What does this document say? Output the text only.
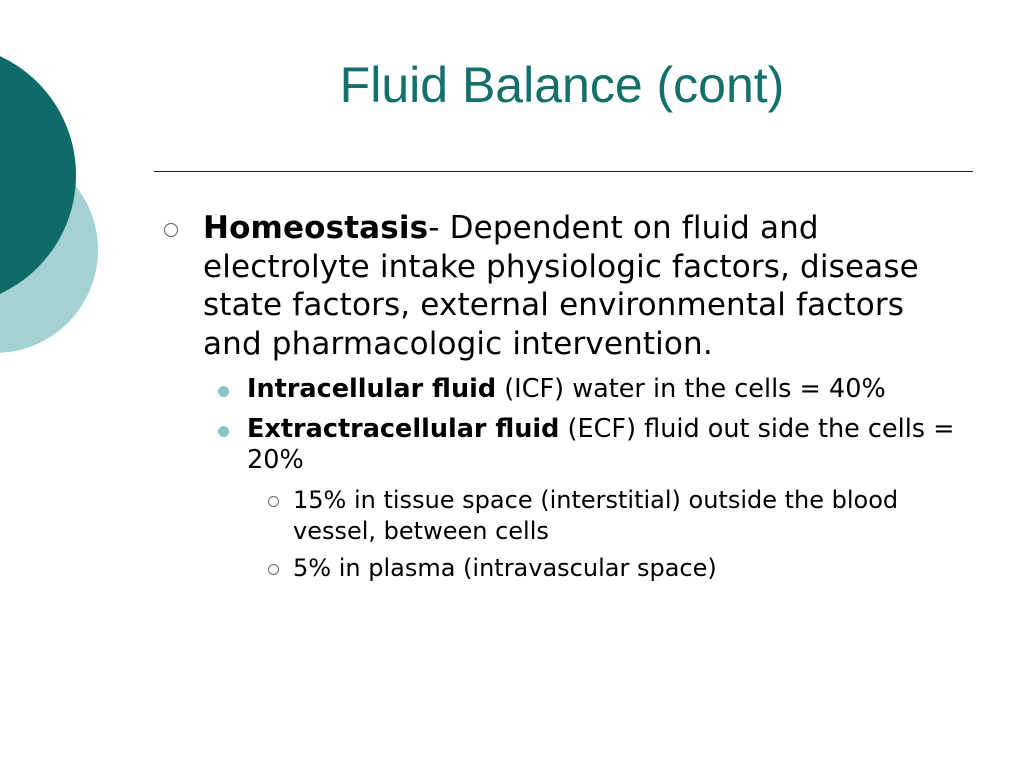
Fluid Balance (cont)
Homeostasis- Dependent on fluid and electrolyte intake physiologic factors, disease state factors, external environmental factors and pharmacologic intervention.
Intracellular fluid (ICF) water in the cells = 40%
Extractracellular fluid (ECF) fluid out side the cells = 20%
15% in tissue space (interstitial) outside the blood vessel, between cells
5% in plasma (intravascular space)
